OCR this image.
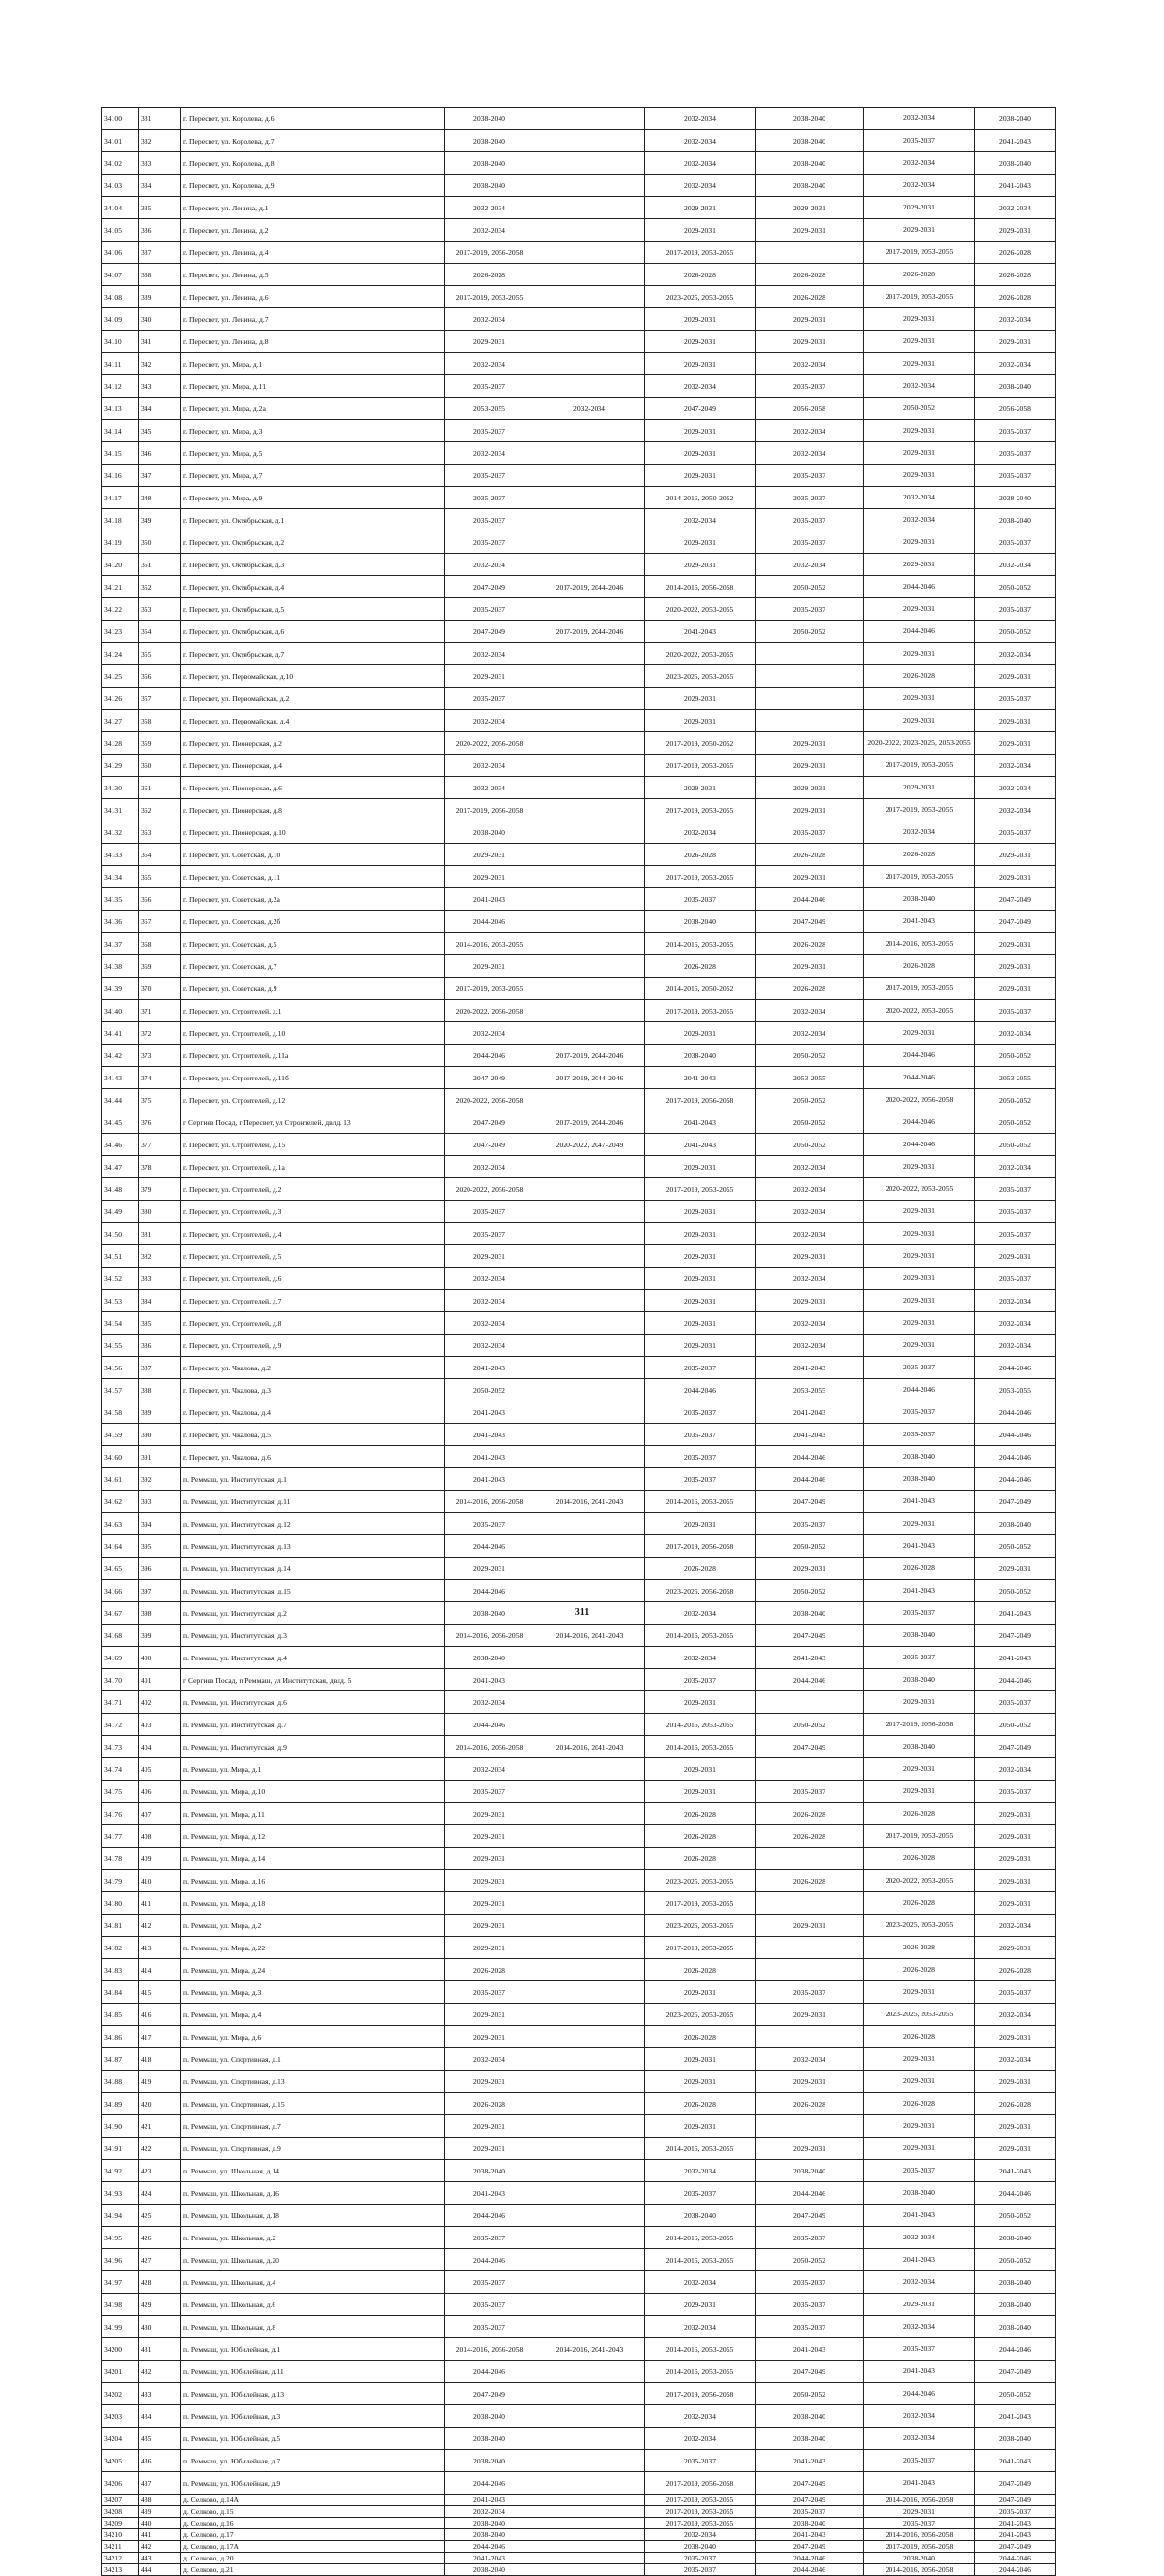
34100	331	г. Пересвет, ул. Королева, д.6	2038-2040		2032-2034	2038-2040	2032-2034	2038-2040
34101	332	г. Пересвет, ул. Королева, д.7	2038-2040		2032-2034	2038-2040	2035-2037	2041-2043
34102	333	г. Пересвет, ул. Королева, д.8	2038-2040		2032-2034	2038-2040	2032-2034	2038-2040
34103	334	г. Пересвет, ул. Королева, д.9	2038-2040		2032-2034	2038-2040	2032-2034	2041-2043
34104	335	г. Пересвет, ул. Ленина, д.1	2032-2034		2029-2031	2029-2031	2029-2031	2032-2034
34105	336	г. Пересвет, ул. Ленина, д.2	2032-2034		2029-2031	2029-2031	2029-2031	2029-2031
34106	337	г. Пересвет, ул. Ленина, д.4	2017-2019, 2056-2058		2017-2019, 2053-2055		2017-2019, 2053-2055	2026-2028
34107	338	г. Пересвет, ул. Ленина, д.5	2026-2028		2026-2028	2026-2028	2026-2028	2026-2028
34108	339	г. Пересвет, ул. Ленина, д.6	2017-2019, 2053-2055		2023-2025, 2053-2055	2026-2028	2017-2019, 2053-2055	2026-2028
34109	340	г. Пересвет, ул. Ленина, д.7	2032-2034		2029-2031	2029-2031	2029-2031	2032-2034
34110	341	г. Пересвет, ул. Ленина, д.8	2029-2031		2029-2031	2029-2031	2029-2031	2029-2031
34111	342	г. Пересвет, ул. Мира, д.1	2032-2034		2029-2031	2032-2034	2029-2031	2032-2034
34112	343	г. Пересвет, ул. Мира, д.11	2035-2037		2032-2034	2035-2037	2032-2034	2038-2040
34113	344	г. Пересвет, ул. Мира, д.2а	2053-2055	2032-2034	2047-2049	2056-2058	2050-2052	2056-2058
34114	345	г. Пересвет, ул. Мира, д.3	2035-2037		2029-2031	2032-2034	2029-2031	2035-2037
34115	346	г. Пересвет, ул. Мира, д.5	2032-2034		2029-2031	2032-2034	2029-2031	2035-2037
34116	347	г. Пересвет, ул. Мира, д.7	2035-2037		2029-2031	2035-2037	2029-2031	2035-2037
34117	348	г. Пересвет, ул. Мира, д.9	2035-2037		2014-2016, 2050-2052	2035-2037	2032-2034	2038-2040
34118	349	г. Пересвет, ул. Октябрьская, д.1	2035-2037		2032-2034	2035-2037	2032-2034	2038-2040
34119	350	г. Пересвет, ул. Октябрьская, д.2	2035-2037		2029-2031	2035-2037	2029-2031	2035-2037
34120	351	г. Пересвет, ул. Октябрьская, д.3	2032-2034		2029-2031	2032-2034	2029-2031	2032-2034
34121	352	г. Пересвет, ул. Октябрьская, д.4	2047-2049	2017-2019, 2044-2046	2014-2016, 2056-2058	2050-2052	2044-2046	2050-2052
34122	353	г. Пересвет, ул. Октябрьская, д.5	2035-2037		2020-2022, 2053-2055	2035-2037	2029-2031	2035-2037
34123	354	г. Пересвет, ул. Октябрьская, д.6	2047-2049	2017-2019, 2044-2046	2041-2043	2050-2052	2044-2046	2050-2052
34124	355	г. Пересвет, ул. Октябрьская, д.7	2032-2034		2020-2022, 2053-2055		2029-2031	2032-2034
34125	356	г. Пересвет, ул. Первомайская, д.10	2029-2031		2023-2025, 2053-2055		2026-2028	2029-2031
34126	357	г. Пересвет, ул. Первомайская, д.2	2035-2037		2029-2031		2029-2031	2035-2037
34127	358	г. Пересвет, ул. Первомайская, д.4	2032-2034		2029-2031		2029-2031	2029-2031
34128	359	г. Пересвет, ул. Пионерская, д.2	2020-2022, 2056-2058		2017-2019, 2050-2052	2029-2031	2020-2022, 2023-2025, 2053-2055	2029-2031
34129	360	г. Пересвет, ул. Пионерская, д.4	2032-2034		2017-2019, 2053-2055	2029-2031	2017-2019, 2053-2055	2032-2034
34130	361	г. Пересвет, ул. Пионерская, д.6	2032-2034		2029-2031	2029-2031	2029-2031	2032-2034
34131	362	г. Пересвет, ул. Пионерская, д.8	2017-2019, 2056-2058		2017-2019, 2053-2055	2029-2031	2017-2019, 2053-2055	2032-2034
34132	363	г. Пересвет, ул. Пионерская, д.10	2038-2040		2032-2034	2035-2037	2032-2034	2035-2037
34133	364	г. Пересвет, ул. Советская, д.10	2029-2031		2026-2028	2026-2028	2026-2028	2029-2031
34134	365	г. Пересвет, ул. Советская, д.11	2029-2031		2017-2019, 2053-2055	2029-2031	2017-2019, 2053-2055	2029-2031
34135	366	г. Пересвет, ул. Советская, д.2а	2041-2043		2035-2037	2044-2046	2038-2040	2047-2049
34136	367	г. Пересвет, ул. Советская, д.2б	2044-2046		2038-2040	2047-2049	2041-2043	2047-2049
34137	368	г. Пересвет, ул. Советская, д.5	2014-2016, 2053-2055		2014-2016, 2053-2055	2026-2028	2014-2016, 2053-2055	2029-2031
34138	369	г. Пересвет, ул. Советская, д.7	2029-2031		2026-2028	2029-2031	2026-2028	2029-2031
34139	370	г. Пересвет, ул. Советская, д.9	2017-2019, 2053-2055		2014-2016, 2050-2052	2026-2028	2017-2019, 2053-2055	2029-2031
34140	371	г. Пересвет, ул. Строителей, д.1	2020-2022, 2056-2058		2017-2019, 2053-2055	2032-2034	2020-2022, 2053-2055	2035-2037
34141	372	г. Пересвет, ул. Строителей, д.10	2032-2034		2029-2031	2032-2034	2029-2031	2032-2034
34142	373	г. Пересвет, ул. Строителей, д.11а	2044-2046	2017-2019, 2044-2046	2038-2040	2050-2052	2044-2046	2050-2052
34143	374	г. Пересвет, ул. Строителей, д.11б	2047-2049	2017-2019, 2044-2046	2041-2043	2053-2055	2044-2046	2053-2055
34144	375	г. Пересвет, ул. Строителей, д.12	2020-2022, 2056-2058		2017-2019, 2056-2058	2050-2052	2020-2022, 2056-2058	2050-2052
34145	376	г Сергиев Посад, г Пересвет, ул Строителей, двлд. 13	2047-2049	2017-2019, 2044-2046	2041-2043	2050-2052	2044-2046	2050-2052
34146	377	г. Пересвет, ул. Строителей, д.15	2047-2049	2020-2022, 2047-2049	2041-2043	2050-2052	2044-2046	2050-2052
34147	378	г. Пересвет, ул. Строителей, д.1а	2032-2034		2029-2031	2032-2034	2029-2031	2032-2034
34148	379	г. Пересвет, ул. Строителей, д.2	2020-2022, 2056-2058		2017-2019, 2053-2055	2032-2034	2020-2022, 2053-2055	2035-2037
34149	380	г. Пересвет, ул. Строителей, д.3	2035-2037		2029-2031	2032-2034	2029-2031	2035-2037
34150	381	г. Пересвет, ул. Строителей, д.4	2035-2037		2029-2031	2032-2034	2029-2031	2035-2037
34151	382	г. Пересвет, ул. Строителей, д.5	2029-2031		2029-2031	2029-2031	2029-2031	2029-2031
34152	383	г. Пересвет, ул. Строителей, д.6	2032-2034		2029-2031	2032-2034	2029-2031	2035-2037
34153	384	г. Пересвет, ул. Строителей, д.7	2032-2034		2029-2031	2029-2031	2029-2031	2032-2034
34154	385	г. Пересвет, ул. Строителей, д.8	2032-2034		2029-2031	2032-2034	2029-2031	2032-2034
34155	386	г. Пересвет, ул. Строителей, д.9	2032-2034		2029-2031	2032-2034	2029-2031	2032-2034
34156	387	г. Пересвет, ул. Чкалова, д.2	2041-2043		2035-2037	2041-2043	2035-2037	2044-2046
34157	388	г. Пересвет, ул. Чкалова, д.3	2050-2052		2044-2046	2053-2055	2044-2046	2053-2055
34158	389	г. Пересвет, ул. Чкалова, д.4	2041-2043		2035-2037	2041-2043	2035-2037	2044-2046
34159	390	г. Пересвет, ул. Чкалова, д.5	2041-2043		2035-2037	2041-2043	2035-2037	2044-2046
34160	391	г. Пересвет, ул. Чкалова, д.6	2041-2043		2035-2037	2044-2046	2038-2040	2044-2046
34161	392	п. Реммаш, ул. Институтская, д.1	2041-2043		2035-2037	2044-2046	2038-2040	2044-2046
34162	393	п. Реммаш, ул. Институтская, д.11	2014-2016, 2056-2058	2014-2016, 2041-2043	2014-2016, 2053-2055	2047-2049	2041-2043	2047-2049
34163	394	п. Реммаш, ул. Институтская, д.12	2035-2037		2029-2031	2035-2037	2029-2031	2038-2040
34164	395	п. Реммаш, ул. Институтская, д.13	2044-2046		2017-2019, 2056-2058	2050-2052	2041-2043	2050-2052
34165	396	п. Реммаш, ул. Институтская, д.14	2029-2031		2026-2028	2029-2031	2026-2028	2029-2031
34166	397	п. Реммаш, ул. Институтская, д.15	2044-2046		2023-2025, 2056-2058	2050-2052	2041-2043	2050-2052
34167	398	п. Реммаш, ул. Институтская, д.2	2038-2040		2032-2034	2038-2040	2035-2037	2041-2043
34168	399	п. Реммаш, ул. Институтская, д.3	2014-2016, 2056-2058	2014-2016, 2041-2043	2014-2016, 2053-2055	2047-2049	2038-2040	2047-2049
34169	400	п. Реммаш, ул. Институтская, д.4	2038-2040		2032-2034	2041-2043	2035-2037	2041-2043
34170	401	г Сергиев Посад, п Реммаш, ул Институтская, двлд. 5	2041-2043		2035-2037	2044-2046	2038-2040	2044-2046
34171	402	п. Реммаш, ул. Институтская, д.6	2032-2034		2029-2031		2029-2031	2035-2037
34172	403	п. Реммаш, ул. Институтская, д.7	2044-2046		2014-2016, 2053-2055	2050-2052	2017-2019, 2056-2058	2050-2052
34173	404	п. Реммаш, ул. Институтская, д.9	2014-2016, 2056-2058	2014-2016, 2041-2043	2014-2016, 2053-2055	2047-2049	2038-2040	2047-2049
34174	405	п. Реммаш, ул. Мира, д.1	2032-2034		2029-2031		2029-2031	2032-2034
34175	406	п. Реммаш, ул. Мира, д.10	2035-2037		2029-2031	2035-2037	2029-2031	2035-2037
34176	407	п. Реммаш, ул. Мира, д.11	2029-2031		2026-2028	2026-2028	2026-2028	2029-2031
34177	408	п. Реммаш, ул. Мира, д.12	2029-2031		2026-2028	2026-2028	2017-2019, 2053-2055	2029-2031
34178	409	п. Реммаш, ул. Мира, д.14	2029-2031		2026-2028		2026-2028	2029-2031
34179	410	п. Реммаш, ул. Мира, д.16	2029-2031		2023-2025, 2053-2055	2026-2028	2020-2022, 2053-2055	2029-2031
34180	411	п. Реммаш, ул. Мира, д.18	2029-2031		2017-2019, 2053-2055		2026-2028	2029-2031
34181	412	п. Реммаш, ул. Мира, д.2	2029-2031		2023-2025, 2053-2055	2029-2031	2023-2025, 2053-2055	2032-2034
34182	413	п. Реммаш, ул. Мира, д.22	2029-2031		2017-2019, 2053-2055		2026-2028	2029-2031
34183	414	п. Реммаш, ул. Мира, д.24	2026-2028		2026-2028		2026-2028	2026-2028
34184	415	п. Реммаш, ул. Мира, д.3	2035-2037		2029-2031	2035-2037	2029-2031	2035-2037
34185	416	п. Реммаш, ул. Мира, д.4	2029-2031		2023-2025, 2053-2055	2029-2031	2023-2025, 2053-2055	2032-2034
34186	417	п. Реммаш, ул. Мира, д.6	2029-2031		2026-2028		2026-2028	2029-2031
34187	418	п. Реммаш, ул. Спортивная, д.1	2032-2034		2029-2031	2032-2034	2029-2031	2032-2034
34188	419	п. Реммаш, ул. Спортивная, д.13	2029-2031		2029-2031	2029-2031	2029-2031	2029-2031
34189	420	п. Реммаш, ул. Спортивная, д.15	2026-2028		2026-2028	2026-2028	2026-2028	2026-2028
34190	421	п. Реммаш, ул. Спортивная, д.7	2029-2031		2029-2031		2029-2031	2029-2031
34191	422	п. Реммаш, ул. Спортивная, д.9	2029-2031		2014-2016, 2053-2055	2029-2031	2029-2031	2029-2031
34192	423	п. Реммаш, ул. Школьная, д.14	2038-2040		2032-2034	2038-2040	2035-2037	2041-2043
34193	424	п. Реммаш, ул. Школьная, д.16	2041-2043		2035-2037	2044-2046	2038-2040	2044-2046
34194	425	п. Реммаш, ул. Школьная, д.18	2044-2046		2038-2040	2047-2049	2041-2043	2050-2052
34195	426	п. Реммаш, ул. Школьная, д.2	2035-2037		2014-2016, 2053-2055	2035-2037	2032-2034	2038-2040
34196	427	п. Реммаш, ул. Школьная, д.20	2044-2046		2014-2016, 2053-2055	2050-2052	2041-2043	2050-2052
34197	428	п. Реммаш, ул. Школьная, д.4	2035-2037		2032-2034	2035-2037	2032-2034	2038-2040
34198	429	п. Реммаш, ул. Школьная, д.6	2035-2037		2029-2031	2035-2037	2029-2031	2038-2040
34199	430	п. Реммаш, ул. Школьная, д.8	2035-2037		2032-2034	2035-2037	2032-2034	2038-2040
34200	431	п. Реммаш, ул. Юбилейная, д.1	2014-2016, 2056-2058	2014-2016, 2041-2043	2014-2016, 2053-2055	2041-2043	2035-2037	2044-2046
34201	432	п. Реммаш, ул. Юбилейная, д.11	2044-2046		2014-2016, 2053-2055	2047-2049	2041-2043	2047-2049
34202	433	п. Реммаш, ул. Юбилейная, д.13	2047-2049		2017-2019, 2056-2058	2050-2052	2044-2046	2050-2052
34203	434	п. Реммаш, ул. Юбилейная, д.3	2038-2040		2032-2034	2038-2040	2032-2034	2041-2043
34204	435	п. Реммаш, ул. Юбилейная, д.5	2038-2040		2032-2034	2038-2040	2032-2034	2038-2040
34205	436	п. Реммаш, ул. Юбилейная, д.7	2038-2040		2035-2037	2041-2043	2035-2037	2041-2043
34206	437	п. Реммаш, ул. Юбилейная, д.9	2044-2046		2017-2019, 2056-2058	2047-2049	2041-2043	2047-2049
34207	438	д. Селково, д.14А	2041-2043		2017-2019, 2053-2055	2047-2049	2014-2016, 2056-2058	2047-2049
34208	439	д. Селково, д.15	2032-2034		2017-2019, 2053-2055	2035-2037	2029-2031	2035-2037
34209	440	д. Селково, д.16	2038-2040		2017-2019, 2053-2055	2038-2040	2035-2037	2041-2043
34210	441	д. Селково, д.17	2038-2040		2032-2034	2041-2043	2014-2016, 2056-2058	2041-2043
34211	442	д. Селково, д.17А	2044-2046		2038-2040	2047-2049	2017-2019, 2056-2058	2047-2049
34212	443	д. Селково, д.20	2041-2043		2035-2037	2044-2046	2038-2040	2044-2046
34213	444	д. Селково, д.21	2038-2040		2035-2037	2044-2046	2014-2016, 2056-2058	2044-2046
311
